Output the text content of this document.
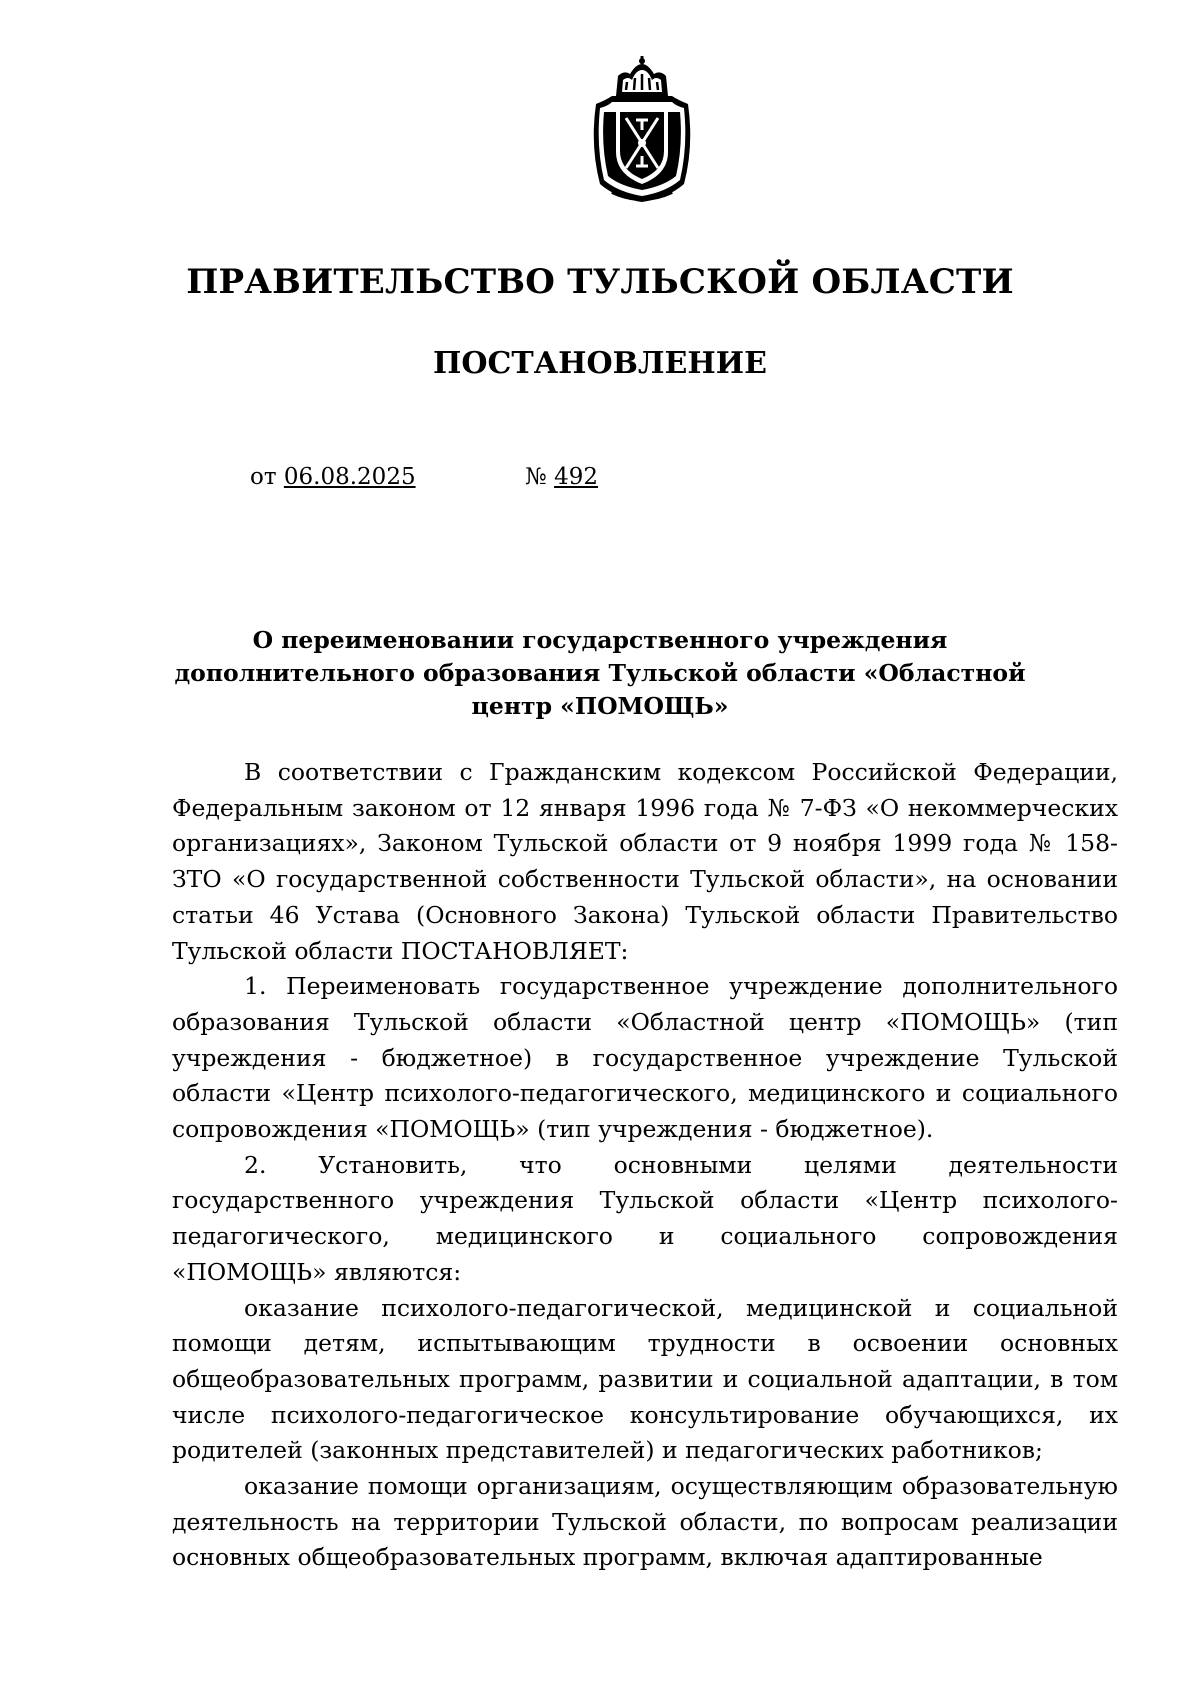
ПРАВИТЕЛЬСТВО ТУЛЬСКОЙ ОБЛАСТИ
ПОСТАНОВЛЕНИЕ
от 06.08.2025	№ 492
О переименовании государственного учреждения дополнительного образования Тульской области «Областной центр «ПОМОЩЬ»

В соответствии с Гражданским кодексом Российской Федерации, Федеральным законом от 12 января 1996 года № 7-ФЗ «О некоммерческих организациях», Законом Тульской области от 9 ноября 1999 года № 158-ЗТО «О государственной собственности Тульской области», на основании статьи 46 Устава (Основного Закона) Тульской области Правительство Тульской области ПОСТАНОВЛЯЕТ:

1. Переименовать государственное учреждение дополнительного образования Тульской области «Областной центр «ПОМОЩЬ» (тип учреждения - бюджетное) в государственное учреждение Тульской области «Центр психолого-педагогического, медицинского и социального сопровождения «ПОМОЩЬ» (тип учреждения - бюджетное).

2. Установить, что основными целями деятельности государственного учреждения Тульской области «Центр психолого-педагогического, медицинского и социального сопровождения «ПОМОЩЬ» являются:

оказание психолого-педагогической, медицинской и социальной помощи детям, испытывающим трудности в освоении основных общеобразовательных программ, развитии и социальной адаптации, в том числе психолого-педагогическое консультирование обучающихся, их родителей (законных представителей) и педагогических работников;

оказание помощи организациям, осуществляющим образовательную деятельность на территории Тульской области, по вопросам реализации основных общеобразовательных программ, включая адаптированные
